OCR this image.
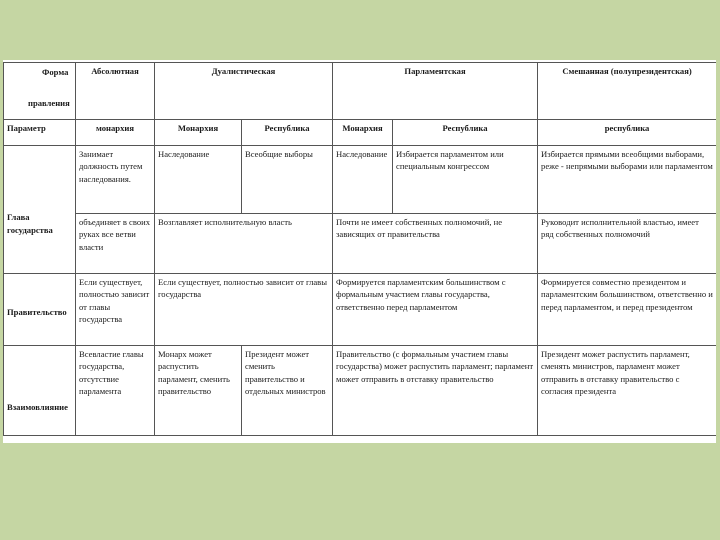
Форма
правления	Абсолютная	Дуалистическая		Парламентская		Смешанная (полупрезидентская)
Параметр	монархия	Монархия	Республика	Монархия	Республика	республика
Глава государства	Занимает должность путем наследования.	Наследование	Всеобщие выборы	Наследование	Избирается парламентом или специальным конгрессом	Избирается прямыми всеобщими выборами, реже - непрямыми выборами или парламентом
	объединяет в своих руках все ветви власти	Возглавляет исполнительную власть		Почти не имеет собственных полномочий, не зависящих от правительства		Руководит исполнительной властью, имеет ряд собственных полномочий
Правительство	Если существует, полностью зависит от главы государства	Если существует, полностью зависит от главы государства		Формируется парламентским большинством с формальным участием главы государства, ответственно перед парламентом		Формируется совместно президентом и парламентским большинством, ответственно и перед парламентом, и перед президентом
Взаимовлияние	Всевластие главы государства, отсутствие парламента	Монарх может распустить парламент, сменить правительство	Президент может сменить правительство и отдельных министров	Правительство (с формальным участием главы государства) может распустить парламент; парламент может отправить в отставку правительство		Президент может распустить парламент, сменять министров, парламент может отправить в отставку правительство с согласия президента
